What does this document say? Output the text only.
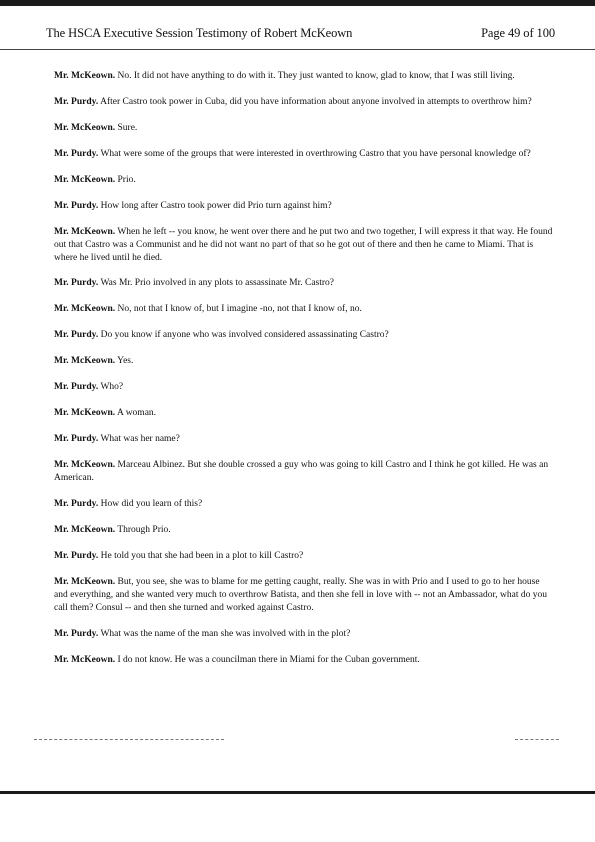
The HSCA Executive Session Testimony of Robert McKeown	Page 49 of 100

Mr. McKeown. No. It did not have anything to do with it. They just wanted to know, glad to know, that I was still living.

Mr. Purdy. After Castro took power in Cuba, did you have information about anyone involved in attempts to overthrow him?

Mr. McKeown. Sure.

Mr. Purdy. What were some of the groups that were interested in overthrowing Castro that you have personal knowledge of?

Mr. McKeown. Prio.

Mr. Purdy. How long after Castro took power did Prio turn against him?

Mr. McKeown. When he left -- you know, he went over there and he put two and two together, I will express it that way. He found out that Castro was a Communist and he did not want no part of that so he got out of there and then he came to Miami. That is where he lived until he died.

Mr. Purdy. Was Mr. Prio involved in any plots to assassinate Mr. Castro?

Mr. McKeown. No, not that I know of, but I imagine -no, not that I know of, no.

Mr. Purdy. Do you know if anyone who was involved considered assassinating Castro?

Mr. McKeown. Yes.

Mr. Purdy. Who?

Mr. McKeown. A woman.

Mr. Purdy. What was her name?

Mr. McKeown. Marceau Albinez. But she double crossed a guy who was going to kill Castro and I think he got killed. He was an American.

Mr. Purdy. How did you learn of this?

Mr. McKeown. Through Prio.

Mr. Purdy. He told you that she had been in a plot to kill Castro?

Mr. McKeown. But, you see, she was to blame for me getting caught, really. She was in with Prio and I used to go to her house and everything, and she wanted very much to overthrow Batista, and then she fell in love with -- not an Ambassador, what do you call them? Consul -- and then she turned and worked against Castro.

Mr. Purdy. What was the name of the man she was involved with in the plot?

Mr. McKeown. I do not know. He was a councilman there in Miami for the Cuban government.
